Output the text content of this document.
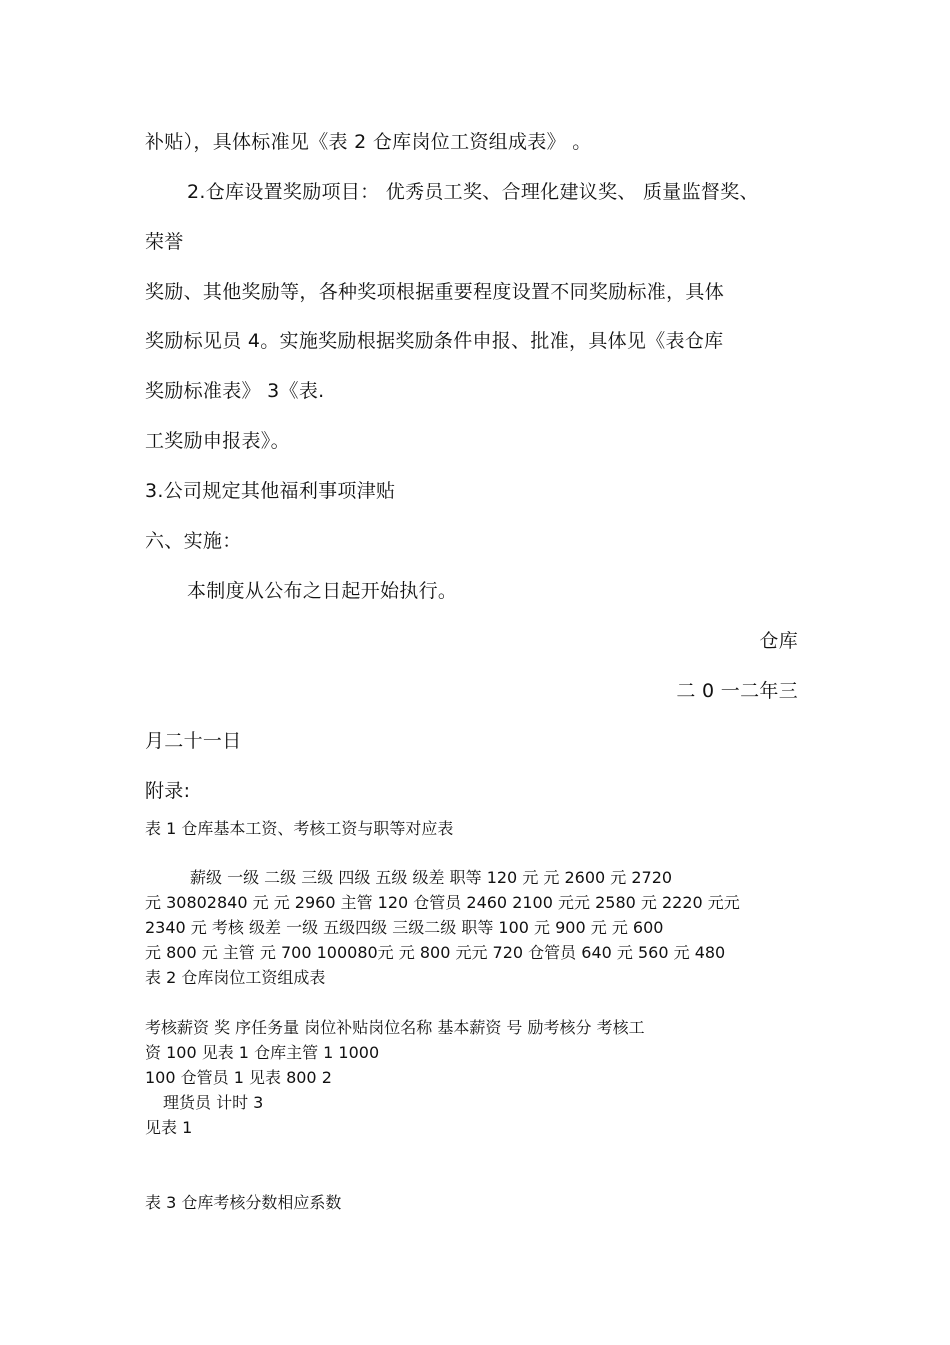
补贴），具体标准见《表 2 仓库岗位工资组成表》 。
2.仓库设置奖励项目： 优秀员工奖、合理化建议奖、 质量监督奖、
荣誉
奖励、其他奖励等，各种奖项根据重要程度设置不同奖励标准，具体
奖励标见员 4。实施奖励根据奖励条件申报、批准，具体见《表仓库
奖励标准表》 3《表.
工奖励申报表》。
3.公司规定其他福利事项津贴
六、实施：
本制度从公布之日起开始执行。
仓库
二 0 一二年三
月二十一日
附录:
表 1 仓库基本工资、考核工资与职等对应表
薪级 一级 二级 三级 四级 五级 级差 职等 120 元 元 2600 元 2720
元 30802840 元 元 2960 主管 120 仓管员 2460 2100 元元 2580 元 2220 元元
2340 元 考核 级差 一级 五级四级 三级二级 职等 100 元 900 元 元 600
元 800 元 主管 元 700 100080元 元 800 元元 720 仓管员 640 元 560 元 480
表 2 仓库岗位工资组成表
考核薪资 奖 序任务量 岗位补贴岗位名称 基本薪资 号 励考核分 考核工
资 100 见表 1 仓库主管 1 1000
100 仓管员 1 见表 800 2
理货员 计时 3
见表 1
表 3 仓库考核分数相应系数
